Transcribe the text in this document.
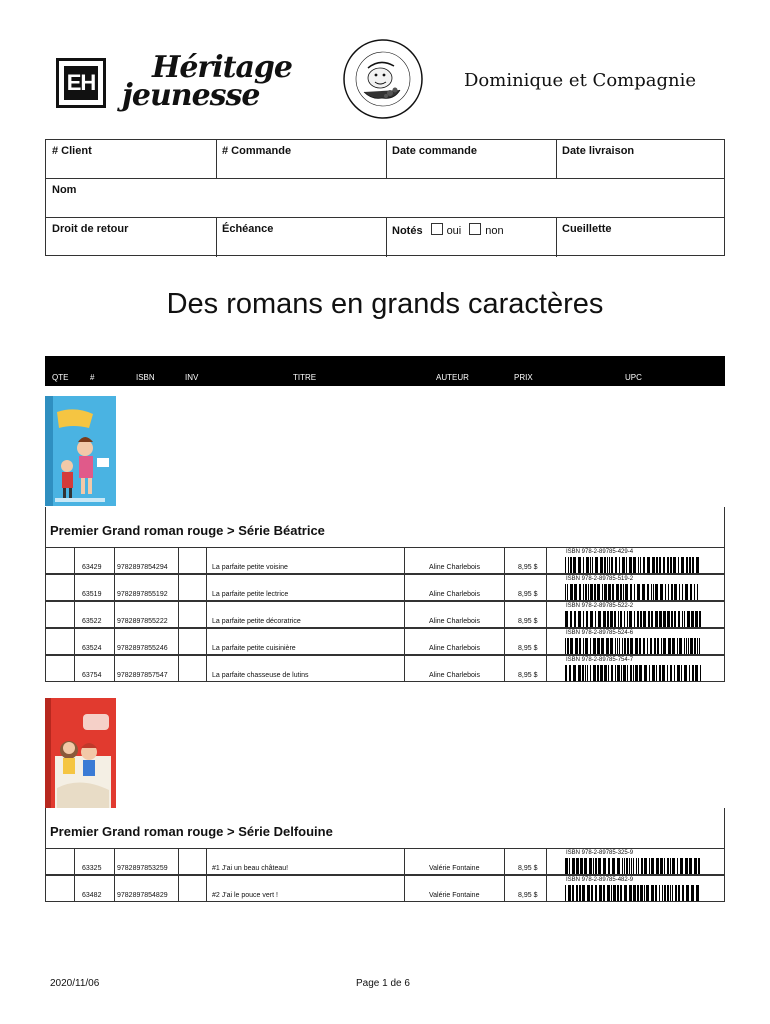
EH Héritage
jeunesse	Dominique et Compagnie
# Client	# Commande	Date commande	Date livraison
Nom
Droit de retour	Échéance	Notés oui non	Cueillette
Des romans en grands caractères
QTE	#	ISBN	INV	TITRE	AUTEUR	PRIX	UPC
Premier Grand roman rouge > Série Béatrice
63429 9782897854294	La parfaite petite voisine	Aline Charlebois	8,95 $
ISBN 978-2-89785-429-4
63519 9782897855192	La parfaite petite lectrice	Aline Charlebois	8,95 $
ISBN 978-2-89785-519-2
63522 9782897855222	La parfaite petite décoratrice	Aline Charlebois	8,95 $
ISBN 978-2-89785-522-2
63524 9782897855246	La parfaite petite cuisinière	Aline Charlebois	8,95 $
ISBN 978-2-89785-524-6
63754 9782897857547	La parfaite chasseuse de lutins	Aline Charlebois	8,95 $
ISBN 978-2-89785-754-7
Premier Grand roman rouge > Série Delfouine
63325 9782897853259	#1 J'ai un beau château!	Valérie Fontaine	8,95 $
ISBN 978-2-89785-325-9
63482 9782897854829	#2 J'ai le pouce vert !	Valérie Fontaine	8,95 $
ISBN 978-2-89785-482-9
2020/11/06	Page 1 de 6
